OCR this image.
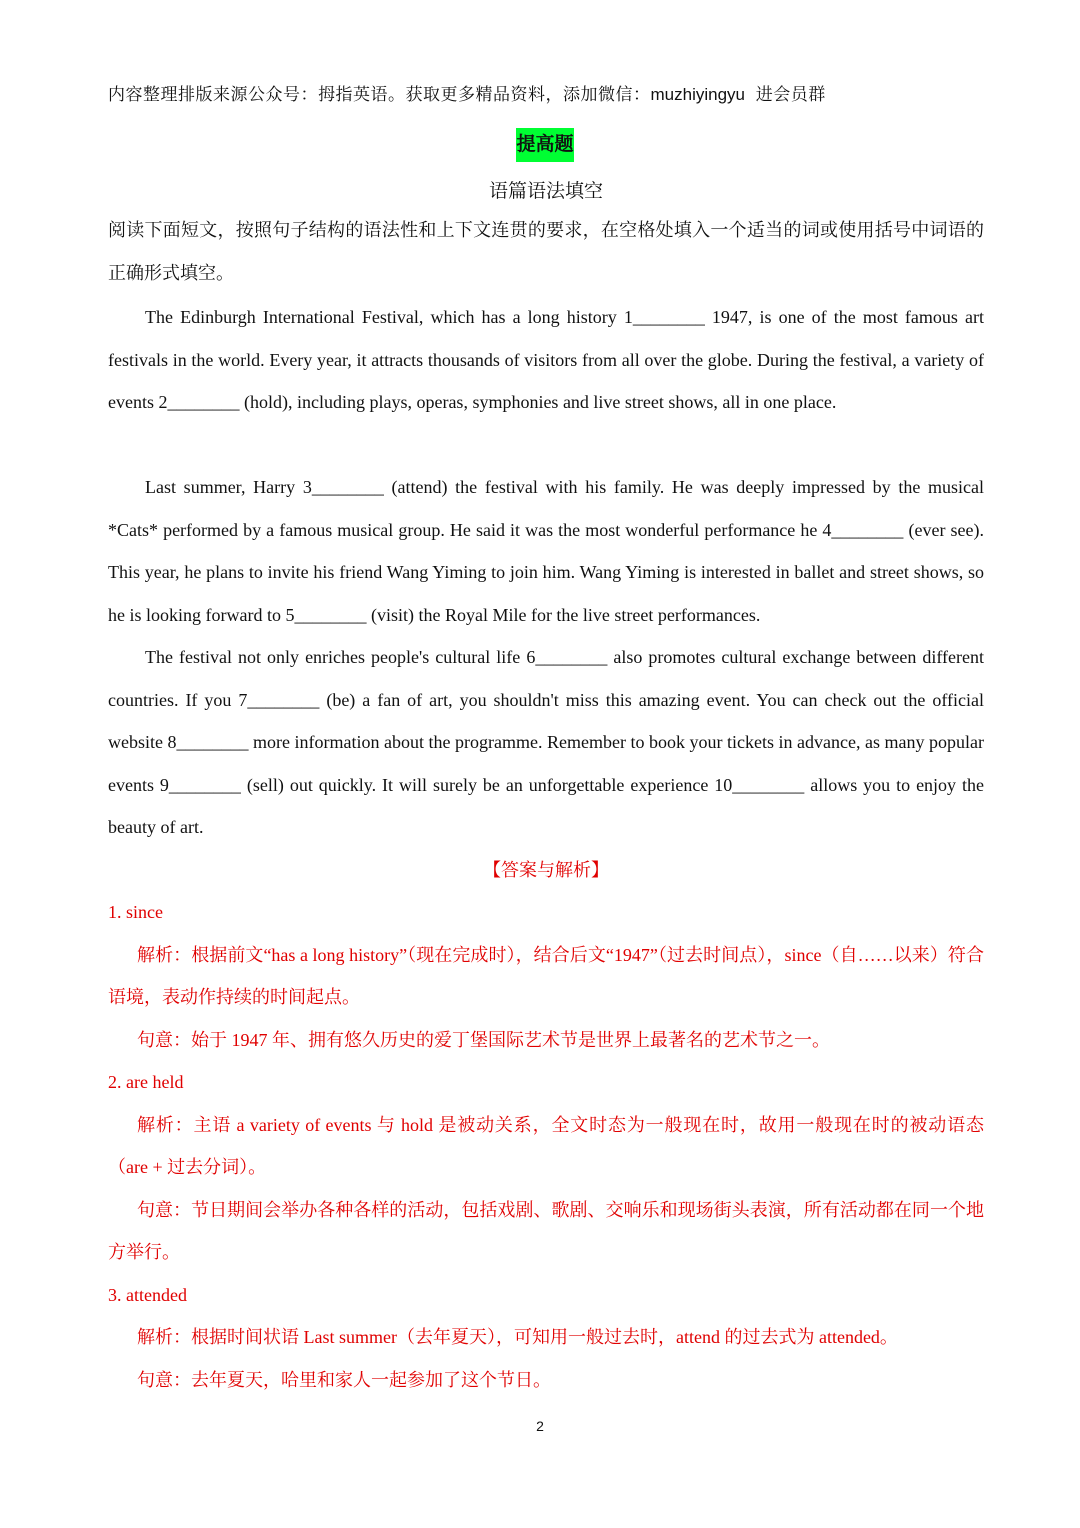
内容整理排版来源公众号：拇指英语。获取更多精品资料，添加微信：muzhiyingyu 进会员群
提高题
语篇语法填空

阅读下面短文，按照句子结构的语法性和上下文连贯的要求，在空格处填入一个适当的词或使用括号中词语的正确形式填空。

The Edinburgh International Festival, which has a long history 1________ 1947, is one of the most famous art festivals in the world. Every year, it attracts thousands of visitors from all over the globe. During the festival, a variety of events 2________ (hold), including plays, operas, symphonies and live street shows, all in one place.

Last summer, Harry 3________ (attend) the festival with his family. He was deeply impressed by the musical *Cats* performed by a famous musical group. He said it was the most wonderful performance he 4________ (ever see). This year, he plans to invite his friend Wang Yiming to join him. Wang Yiming is interested in ballet and street shows, so he is looking forward to 5________ (visit) the Royal Mile for the live street performances.

The festival not only enriches people's cultural life 6________ also promotes cultural exchange between different countries. If you 7________ (be) a fan of art, you shouldn't miss this amazing event. You can check out the official website 8________ more information about the programme. Remember to book your tickets in advance, as many popular events 9________ (sell) out quickly. It will surely be an unforgettable experience 10________ allows you to enjoy the beauty of art.

【答案与解析】

1. since

解析：根据前文“has a long history”（现在完成时），结合后文“1947”（过去时间点），since（自……以来）符合语境，表动作持续的时间起点。

句意：始于 1947 年、拥有悠久历史的爱丁堡国际艺术节是世界上最著名的艺术节之一。

2. are held

解析：主语 a variety of events 与 hold 是被动关系，全文时态为一般现在时，故用一般现在时的被动语态（are + 过去分词）。

句意：节日期间会举办各种各样的活动，包括戏剧、歌剧、交响乐和现场街头表演，所有活动都在同一个地方举行。

3. attended

解析：根据时间状语 Last summer（去年夏天），可知用一般过去时，attend 的过去式为 attended。

句意：去年夏天，哈里和家人一起参加了这个节日。

2
